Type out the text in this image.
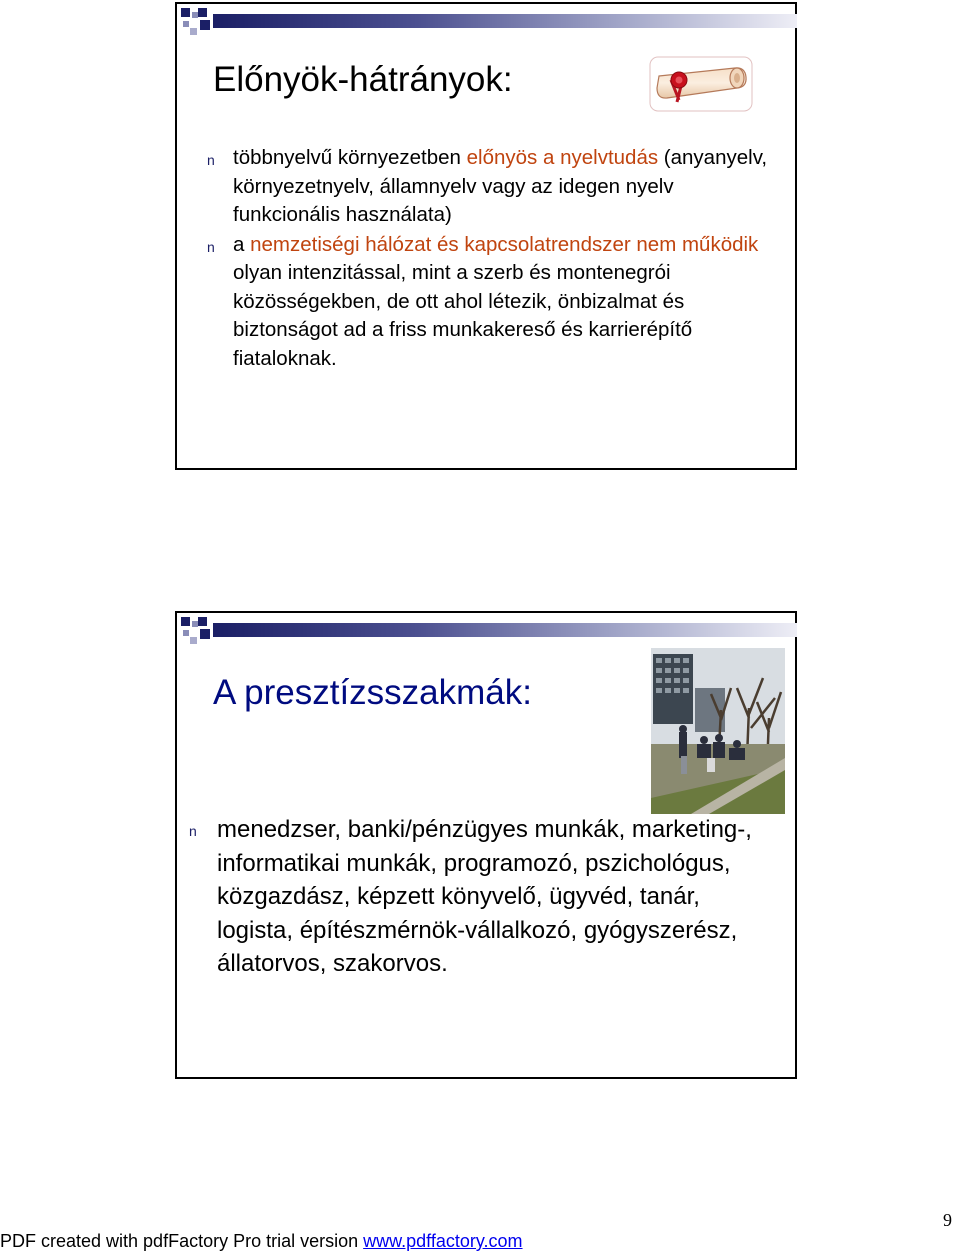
Előnyök-hátrányok:
n többnyelvű környezetben előnyös a nyelvtudás (anyanyelv, környezetnyelv, államnyelv vagy az idegen nyelv funkcionális használata)
n a nemzetiségi hálózat és kapcsolatrendszer nem működik olyan intenzitással, mint a szerb és montenegrói közösségekben, de ott ahol létezik, önbizalmat és biztonságot ad a friss munkakereső és karrierépítő fiataloknak.
A presztízsszakmák:
n menedzser, banki/pénzügyes munkák, marketing-, informatikai munkák, programozó, pszichológus, közgazdász, képzett könyvelő, ügyvéd, tanár, logista, építészmérnök-vállalkozó, gyógyszerész, állatorvos, szakorvos.
PDF created with pdfFactory Pro trial version www.pdffactory.com
9
